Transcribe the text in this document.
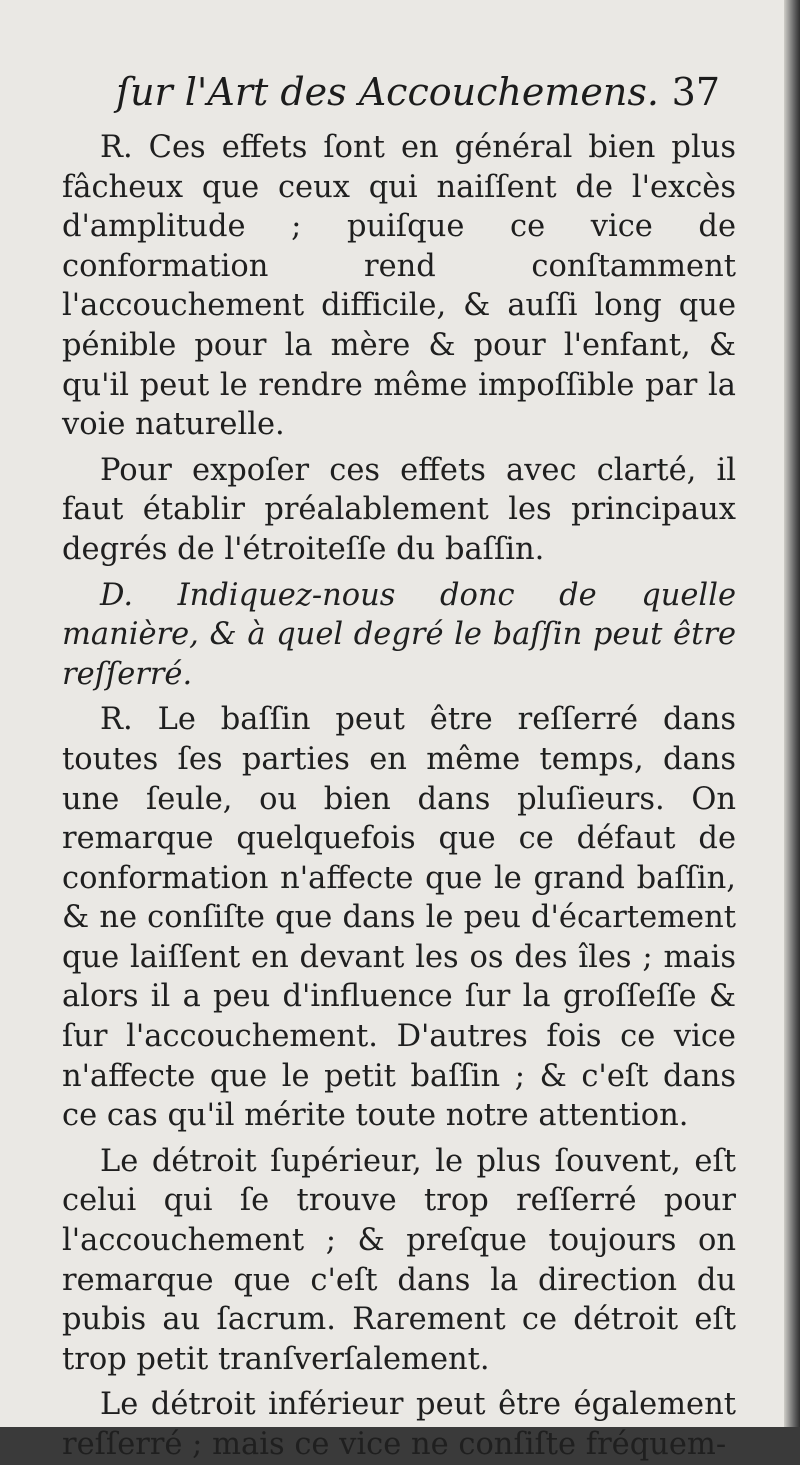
ſur l'Art des Accouchemens. 37

R. Ces effets ſont en général bien plus fâcheux que ceux qui naiſſent de l'excès d'amplitude ; puiſque ce vice de conformation rend conſtamment l'accouchement difficile, & auſſi long que pénible pour la mère & pour l'enfant, & qu'il peut le rendre même impoſſible par la voie naturelle.

Pour expoſer ces effets avec clarté, il faut établir préalablement les principaux degrés de l'étroiteſſe du baſſin.

D. Indiquez-nous donc de quelle manière, & à quel degré le baſſin peut être reſſerré.

R. Le baſſin peut être reſſerré dans toutes ſes parties en même temps, dans une ſeule, ou bien dans pluſieurs. On remarque quelquefois que ce défaut de conformation n'affecte que le grand baſſin, & ne conſiſte que dans le peu d'écartement que laiſſent en devant les os des îles ; mais alors il a peu d'influence ſur la groſſeſſe & ſur l'accouchement. D'autres fois ce vice n'affecte que le petit baſſin ; & c'eſt dans ce cas qu'il mérite toute notre attention.

Le détroit ſupérieur, le plus ſouvent, eſt celui qui ſe trouve trop reſſerré pour l'accouchement ; & preſque toujours on remarque que c'eſt dans la direction du pubis au ſacrum. Rarement ce détroit eſt trop petit tranſverſalement.

Le détroit inférieur peut être également reſſerré ; mais ce vice ne conſiſte fréquem-
